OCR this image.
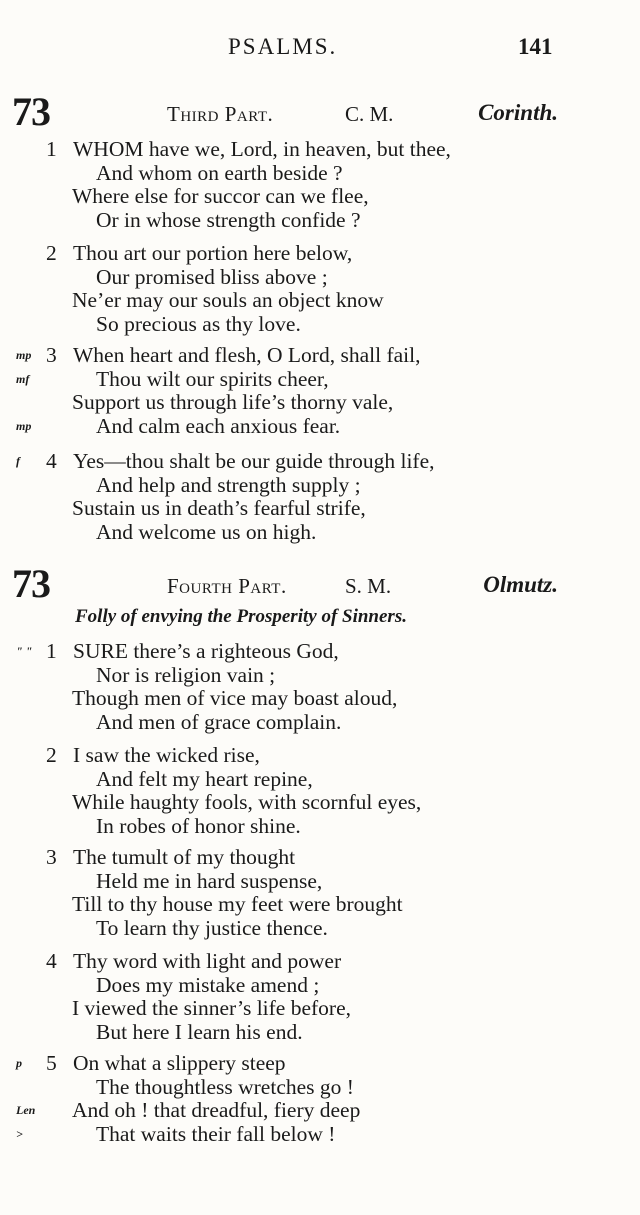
PSALMS.	141
73	Third Part.	C. M.	Corinth.
1 WHOM have we, Lord, in heaven, but thee,
And whom on earth beside ?
Where else for succor can we flee,
Or in whose strength confide ?
2 Thou art our portion here below,
Our promised bliss above ;
Ne’er may our souls an object know
So precious as thy love.
mp 3 When heart and flesh, O Lord, shall fail,
mf	Thou wilt our spirits cheer,
Support us through life’s thorny vale,
mp	And calm each anxious fear.
f 4 Yes—thou shalt be our guide through life,
And help and strength supply ;
Sustain us in death’s fearful strife,
And welcome us on high.
73	Fourth Part.	S. M.	Olmutz.
Folly of envying the Prosperity of Sinners.
" " 1 SURE there’s a righteous God,
Nor is religion vain ;
Though men of vice may boast aloud,
And men of grace complain.
2 I saw the wicked rise,
And felt my heart repine,
While haughty fools, with scornful eyes,
In robes of honor shine.
3 The tumult of my thought
Held me in hard suspense,
Till to thy house my feet were brought
To learn thy justice thence.
4 Thy word with light and power
Does my mistake amend ;
I viewed the sinner’s life before,
But here I learn his end.
p 5 On what a slippery steep
The thoughtless wretches go !
Len And oh ! that dreadful, fiery deep
>	That waits their fall below !
